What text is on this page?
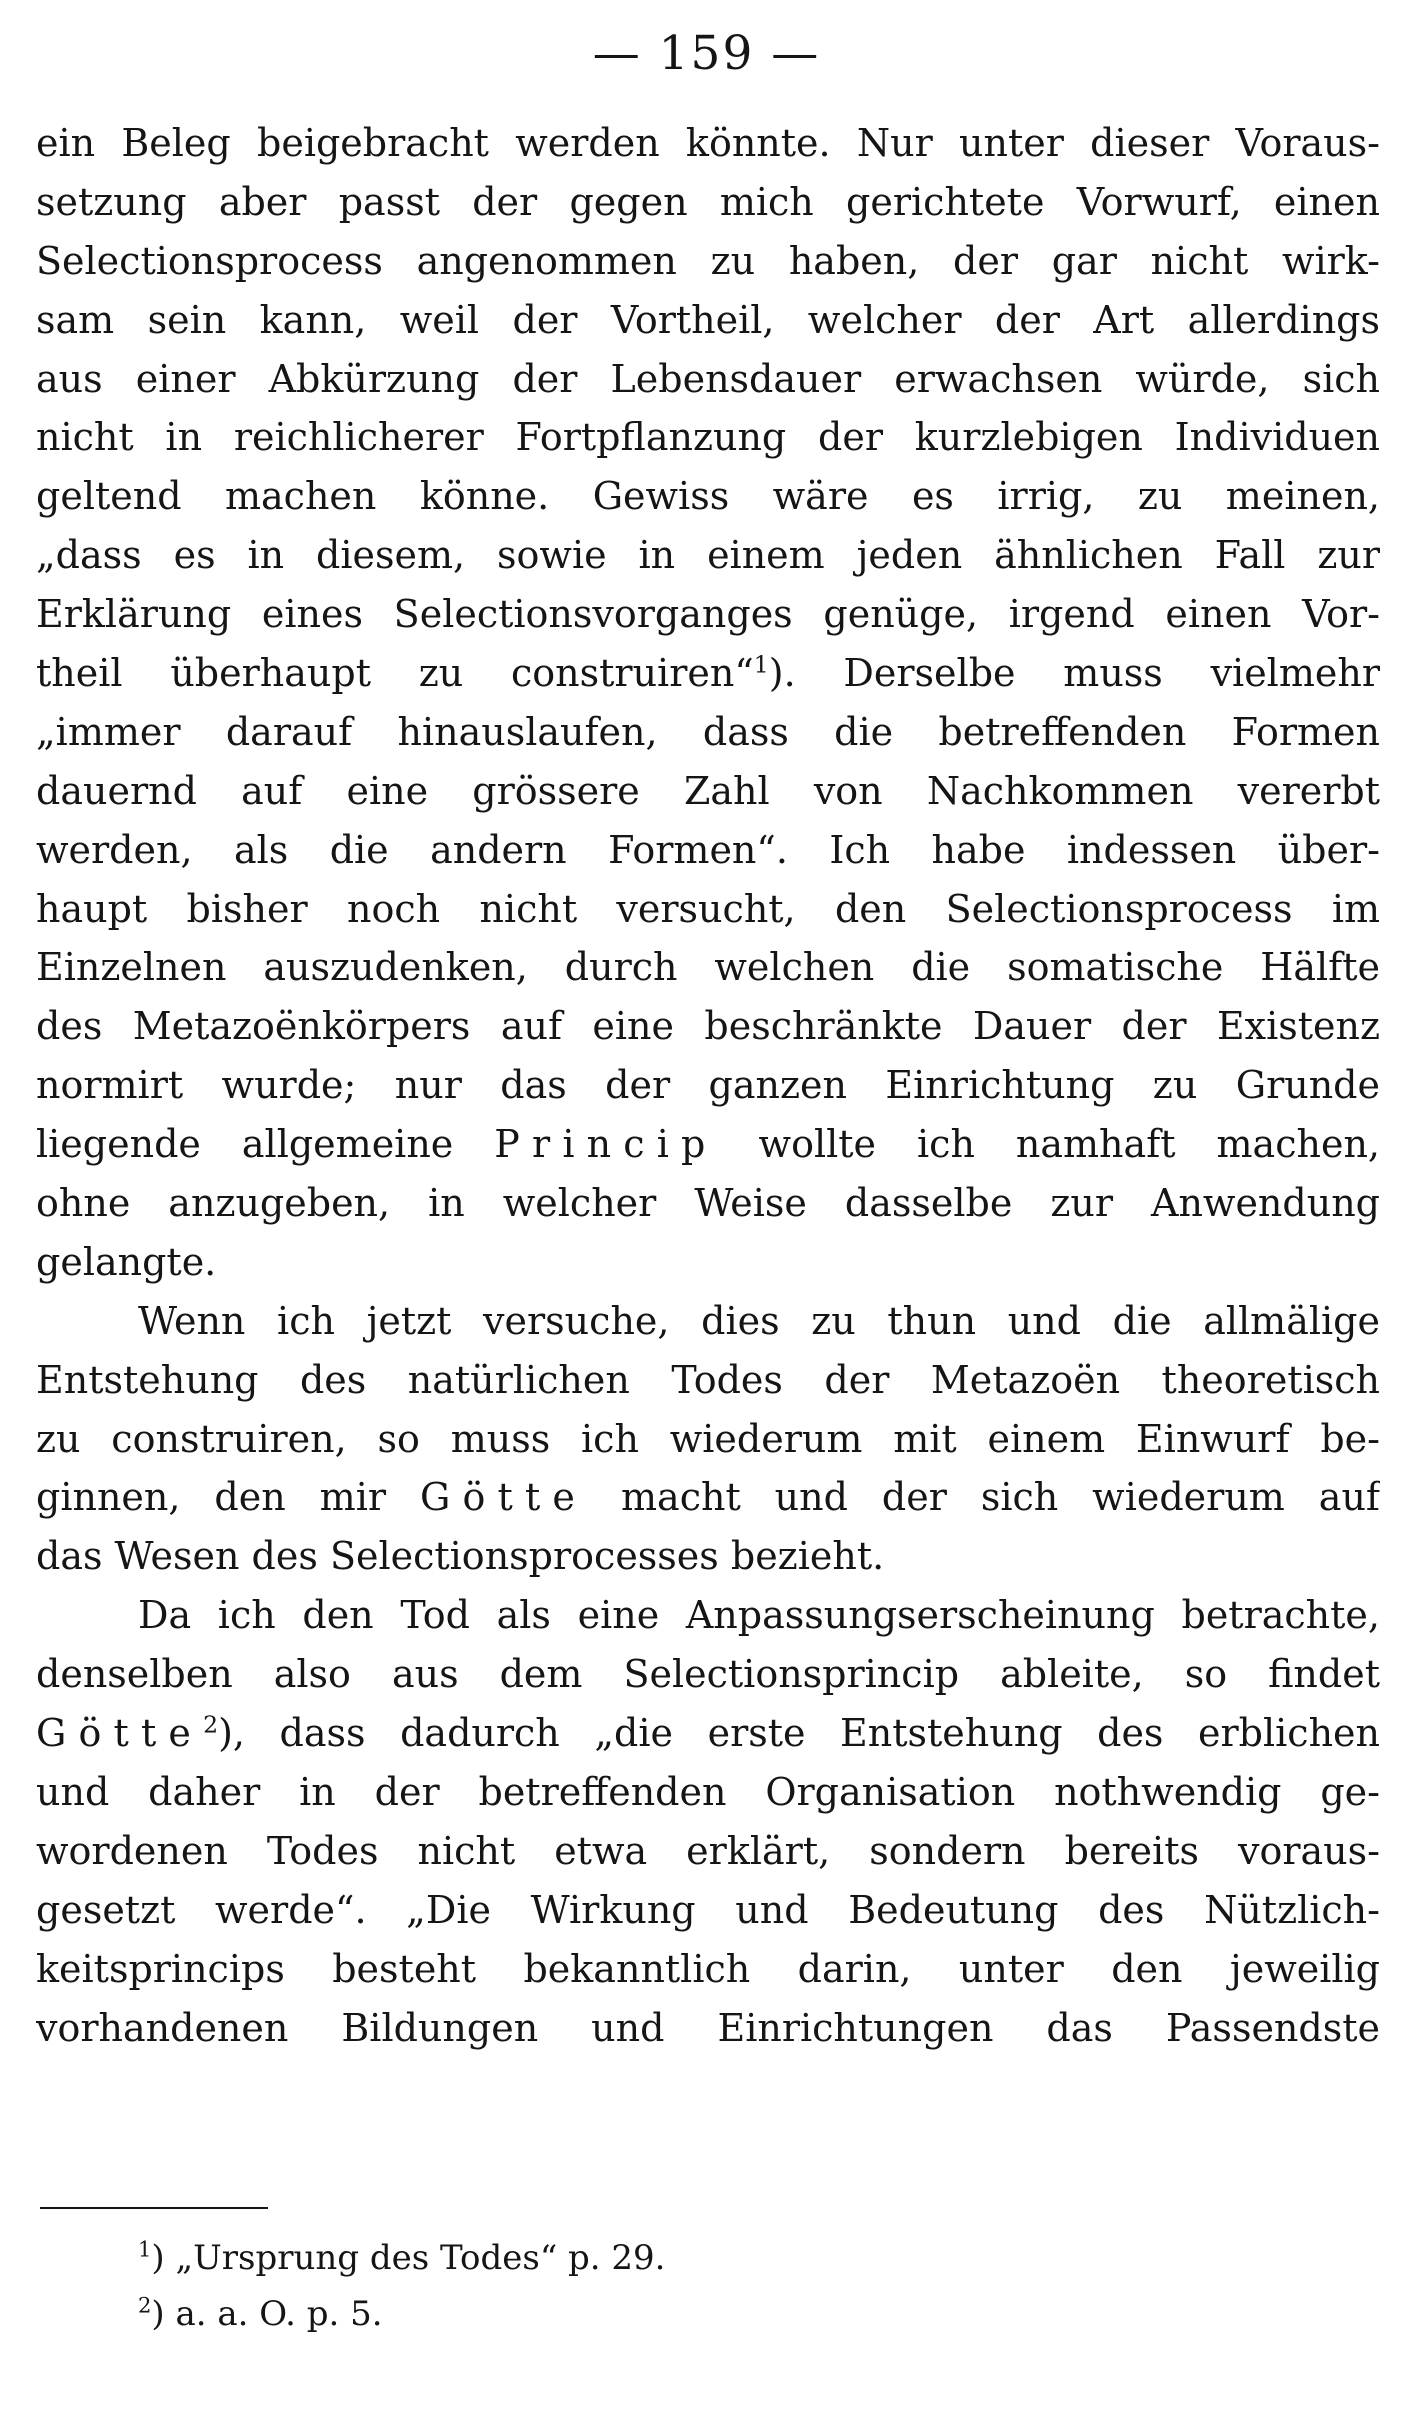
— 159 —
ein Beleg beigebracht werden könnte. Nur unter dieser Voraus-
setzung aber passt der gegen mich gerichtete Vorwurf, einen
Selectionsprocess angenommen zu haben, der gar nicht wirk-
sam sein kann, weil der Vortheil, welcher der Art allerdings
aus einer Abkürzung der Lebensdauer erwachsen würde, sich
nicht in reichlicherer Fortpflanzung der kurzlebigen Individuen
geltend machen könne. Gewiss wäre es irrig, zu meinen,
„dass es in diesem, sowie in einem jeden ähnlichen Fall zur
Erklärung eines Selectionsvorganges genüge, irgend einen Vor-
theil überhaupt zu construiren“$^1$). Derselbe muss vielmehr
„immer darauf hinauslaufen, dass die betreffenden Formen
dauernd auf eine grössere Zahl von Nachkommen vererbt
werden, als die andern Formen“. Ich habe indessen über-
haupt bisher noch nicht versucht, den Selectionsprocess im
Einzelnen auszudenken, durch welchen die somatische Hälfte
des Metazoënkörpers auf eine beschränkte Dauer der Existenz
normirt wurde; nur das der ganzen Einrichtung zu Grunde
liegende allgemeine Princip wollte ich namhaft machen,
ohne anzugeben, in welcher Weise dasselbe zur Anwendung
gelangte.
Wenn ich jetzt versuche, dies zu thun und die allmälige
Entstehung des natürlichen Todes der Metazoën theoretisch
zu construiren, so muss ich wiederum mit einem Einwurf be-
ginnen, den mir Götte macht und der sich wiederum auf
das Wesen des Selectionsprocesses bezieht.
Da ich den Tod als eine Anpassungserscheinung betrachte,
denselben also aus dem Selectionsprincip ableite, so findet
Götte$^2$), dass dadurch „die erste Entstehung des erblichen
und daher in der betreffenden Organisation nothwendig ge-
wordenen Todes nicht etwa erklärt, sondern bereits voraus-
gesetzt werde“. „Die Wirkung und Bedeutung des Nützlich-
keitsprincips besteht bekanntlich darin, unter den jeweilig
vorhandenen Bildungen und Einrichtungen das Passendste
$^1$) „Ursprung des Todes“ p. 29.
$^2$) a. a. O. p. 5.
